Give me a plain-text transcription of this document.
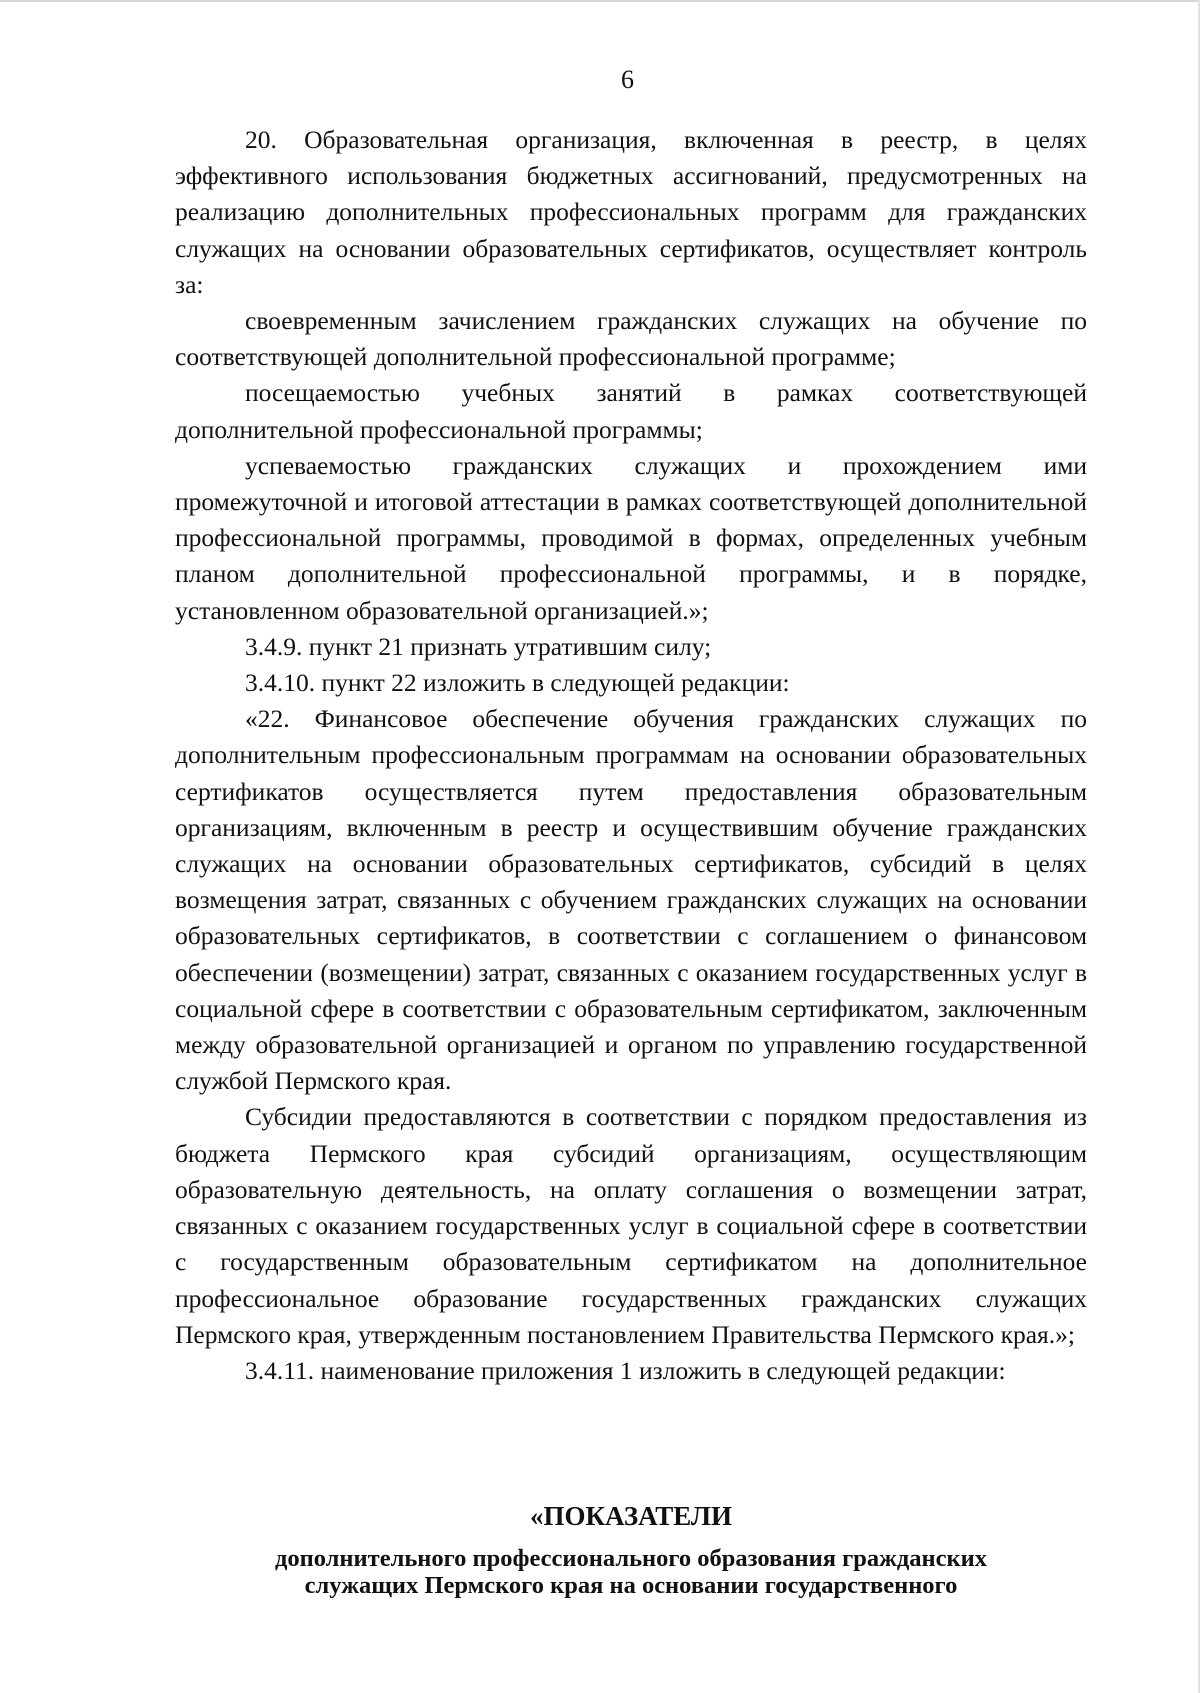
6

20. Образовательная организация, включенная в реестр, в целях эффективного использования бюджетных ассигнований, предусмотренных на реализацию дополнительных профессиональных программ для гражданских служащих на основании образовательных сертификатов, осуществляет контроль за:

своевременным зачислением гражданских служащих на обучение по соответствующей дополнительной профессиональной программе;

посещаемостью учебных занятий в рамках соответствующей дополнительной профессиональной программы;

успеваемостью гражданских служащих и прохождением ими промежуточной и итоговой аттестации в рамках соответствующей дополнительной профессиональной программы, проводимой в формах, определенных учебным планом дополнительной профессиональной программы, и в порядке, установленном образовательной организацией.»;

3.4.9. пункт 21 признать утратившим силу;

3.4.10. пункт 22 изложить в следующей редакции:

«22. Финансовое обеспечение обучения гражданских служащих по дополнительным профессиональным программам на основании образовательных сертификатов осуществляется путем предоставления образовательным организациям, включенным в реестр и осуществившим обучение гражданских служащих на основании образовательных сертификатов, субсидий в целях возмещения затрат, связанных с обучением гражданских служащих на основании образовательных сертификатов, в соответствии с соглашением о финансовом обеспечении (возмещении) затрат, связанных с оказанием государственных услуг в социальной сфере в соответствии с образовательным сертификатом, заключенным между образовательной организацией и органом по управлению государственной службой Пермского края.

Субсидии предоставляются в соответствии с порядком предоставления из бюджета Пермского края субсидий организациям, осуществляющим образовательную деятельность, на оплату соглашения о возмещении затрат, связанных с оказанием государственных услуг в социальной сфере в соответствии с государственным образовательным сертификатом на дополнительное профессиональное образование государственных гражданских служащих Пермского края, утвержденным постановлением Правительства Пермского края.»;

3.4.11. наименование приложения 1 изложить в следующей редакции:

«ПОКАЗАТЕЛИ

дополнительного профессионального образования гражданских

служащих Пермского края на основании государственного
